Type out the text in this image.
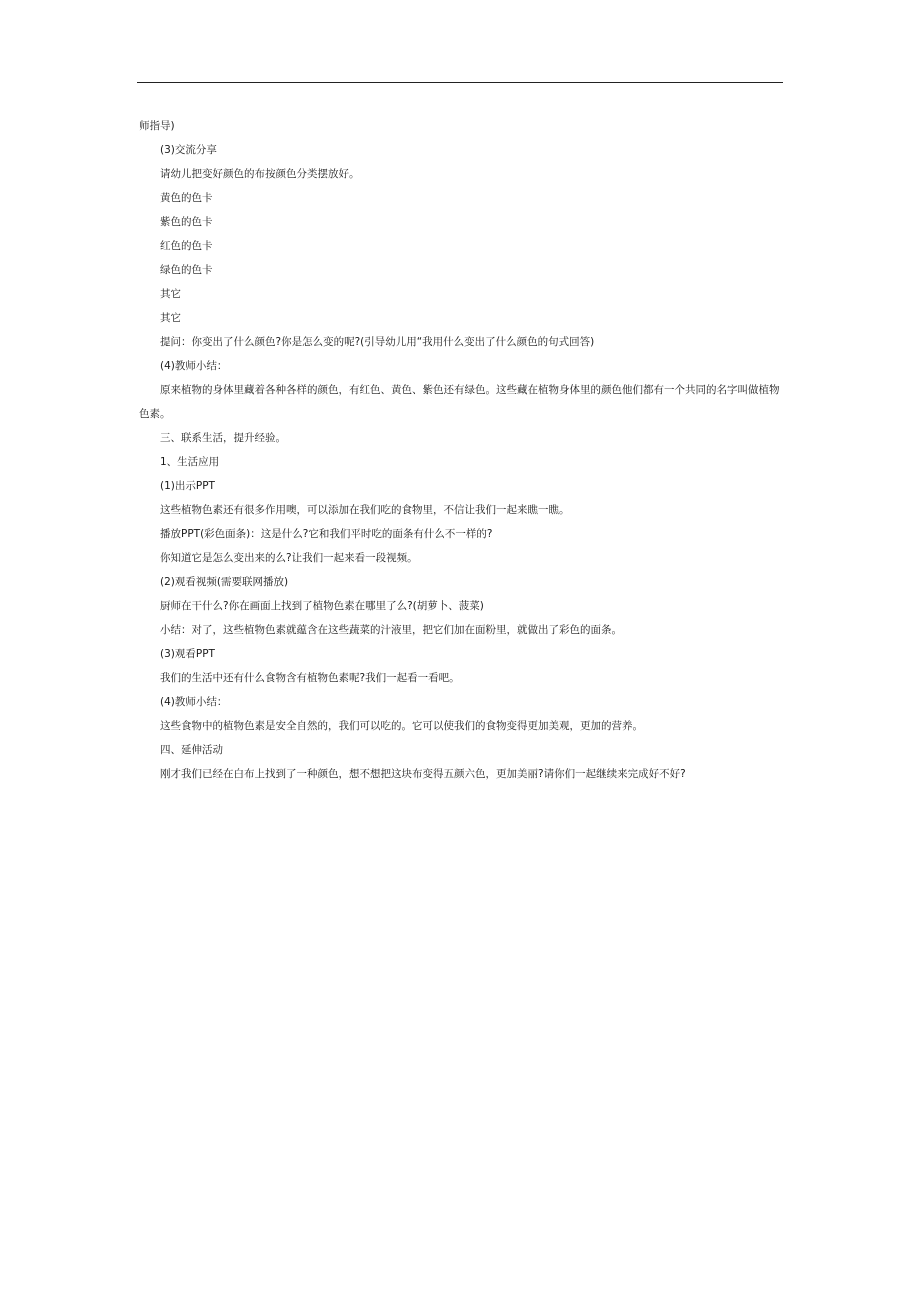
师指导)

(3)交流分享

请幼儿把变好颜色的布按颜色分类摆放好。

黄色的色卡

紫色的色卡

红色的色卡

绿色的色卡

其它

其它

提问：你变出了什么颜色?你是怎么变的呢?(引导幼儿用“我用什么变出了什么颜色的句式回答)

(4)教师小结：

原来植物的身体里藏着各种各样的颜色，有红色、黄色、紫色还有绿色。这些藏在植物身体里的颜色他们都有一个共同的名字叫做植物色素。

三、联系生活，提升经验。

1、生活应用

(1)出示PPT

这些植物色素还有很多作用噢，可以添加在我们吃的食物里，不信让我们一起来瞧一瞧。

播放PPT(彩色面条)：这是什么?它和我们平时吃的面条有什么不一样的?

你知道它是怎么变出来的么?让我们一起来看一段视频。

(2)观看视频(需要联网播放)

厨师在干什么?你在画面上找到了植物色素在哪里了么?(胡萝卜、菠菜)

小结：对了，这些植物色素就蕴含在这些蔬菜的汁液里，把它们加在面粉里，就做出了彩色的面条。

(3)观看PPT

我们的生活中还有什么食物含有植物色素呢?我们一起看一看吧。

(4)教师小结：

这些食物中的植物色素是安全自然的，我们可以吃的。它可以使我们的食物变得更加美观，更加的营养。

四、延伸活动

刚才我们已经在白布上找到了一种颜色，想不想把这块布变得五颜六色，更加美丽?请你们一起继续来完成好不好?
